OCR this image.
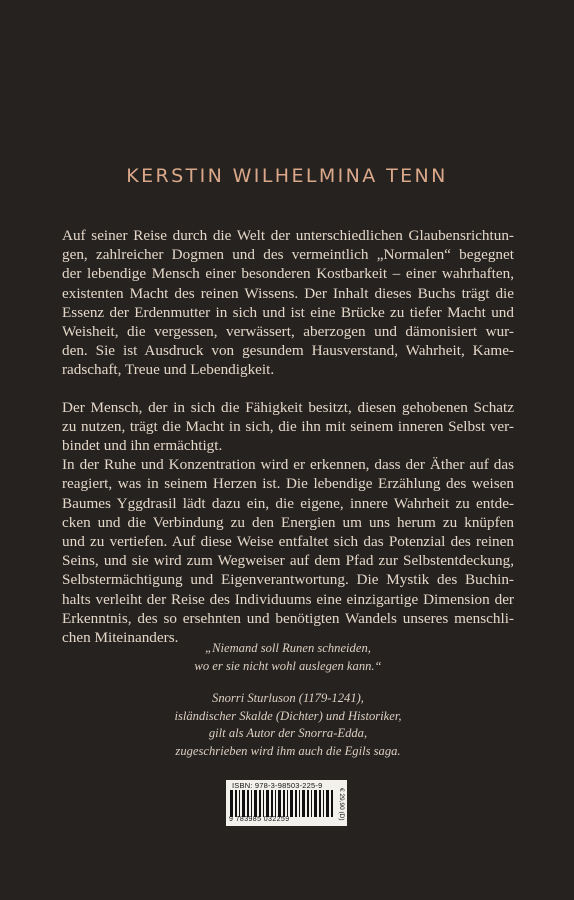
KERSTIN WILHELMINA TENN

Auf seiner Reise durch die Welt der unterschiedlichen Glaubensrichtun-
gen, zahlreicher Dogmen und des vermeintlich „Normalen“ begegnet
der lebendige Mensch einer besonderen Kostbarkeit – einer wahrhaften,
existenten Macht des reinen Wissens. Der Inhalt dieses Buchs trägt die
Essenz der Erdenmutter in sich und ist eine Brücke zu tiefer Macht und
Weisheit, die vergessen, verwässert, aberzogen und dämonisiert wur-
den. Sie ist Ausdruck von gesundem Hausverstand, Wahrheit, Kame-
radschaft, Treue und Lebendigkeit.

Der Mensch, der in sich die Fähigkeit besitzt, diesen gehobenen Schatz
zu nutzen, trägt die Macht in sich, die ihn mit seinem inneren Selbst ver-
bindet und ihn ermächtigt.

In der Ruhe und Konzentration wird er erkennen, dass der Äther auf das
reagiert, was in seinem Herzen ist. Die lebendige Erzählung des weisen
Baumes Yggdrasil lädt dazu ein, die eigene, innere Wahrheit zu entde-
cken und die Verbindung zu den Energien um uns herum zu knüpfen
und zu vertiefen. Auf diese Weise entfaltet sich das Potenzial des reinen
Seins, und sie wird zum Wegweiser auf dem Pfad zur Selbstentdeckung,
Selbstermächtigung und Eigenverantwortung. Die Mystik des Buchin-
halts verleiht der Reise des Individuums eine einzigartige Dimension der
Erkenntnis, des so ersehnten und benötigten Wandels unseres menschli-
chen Miteinanders.

„Niemand soll Runen schneiden,
wo er sie nicht wohl auslegen kann.“

Snorri Sturluson (1179-1241),
isländischer Skalde (Dichter) und Historiker,
gilt als Autor der Snorra-Edda,
zugeschrieben wird ihm auch die Egils saga.

ISBN: 978-3-98503-225-9
9 783985 032259	€ 29,90 (D)
